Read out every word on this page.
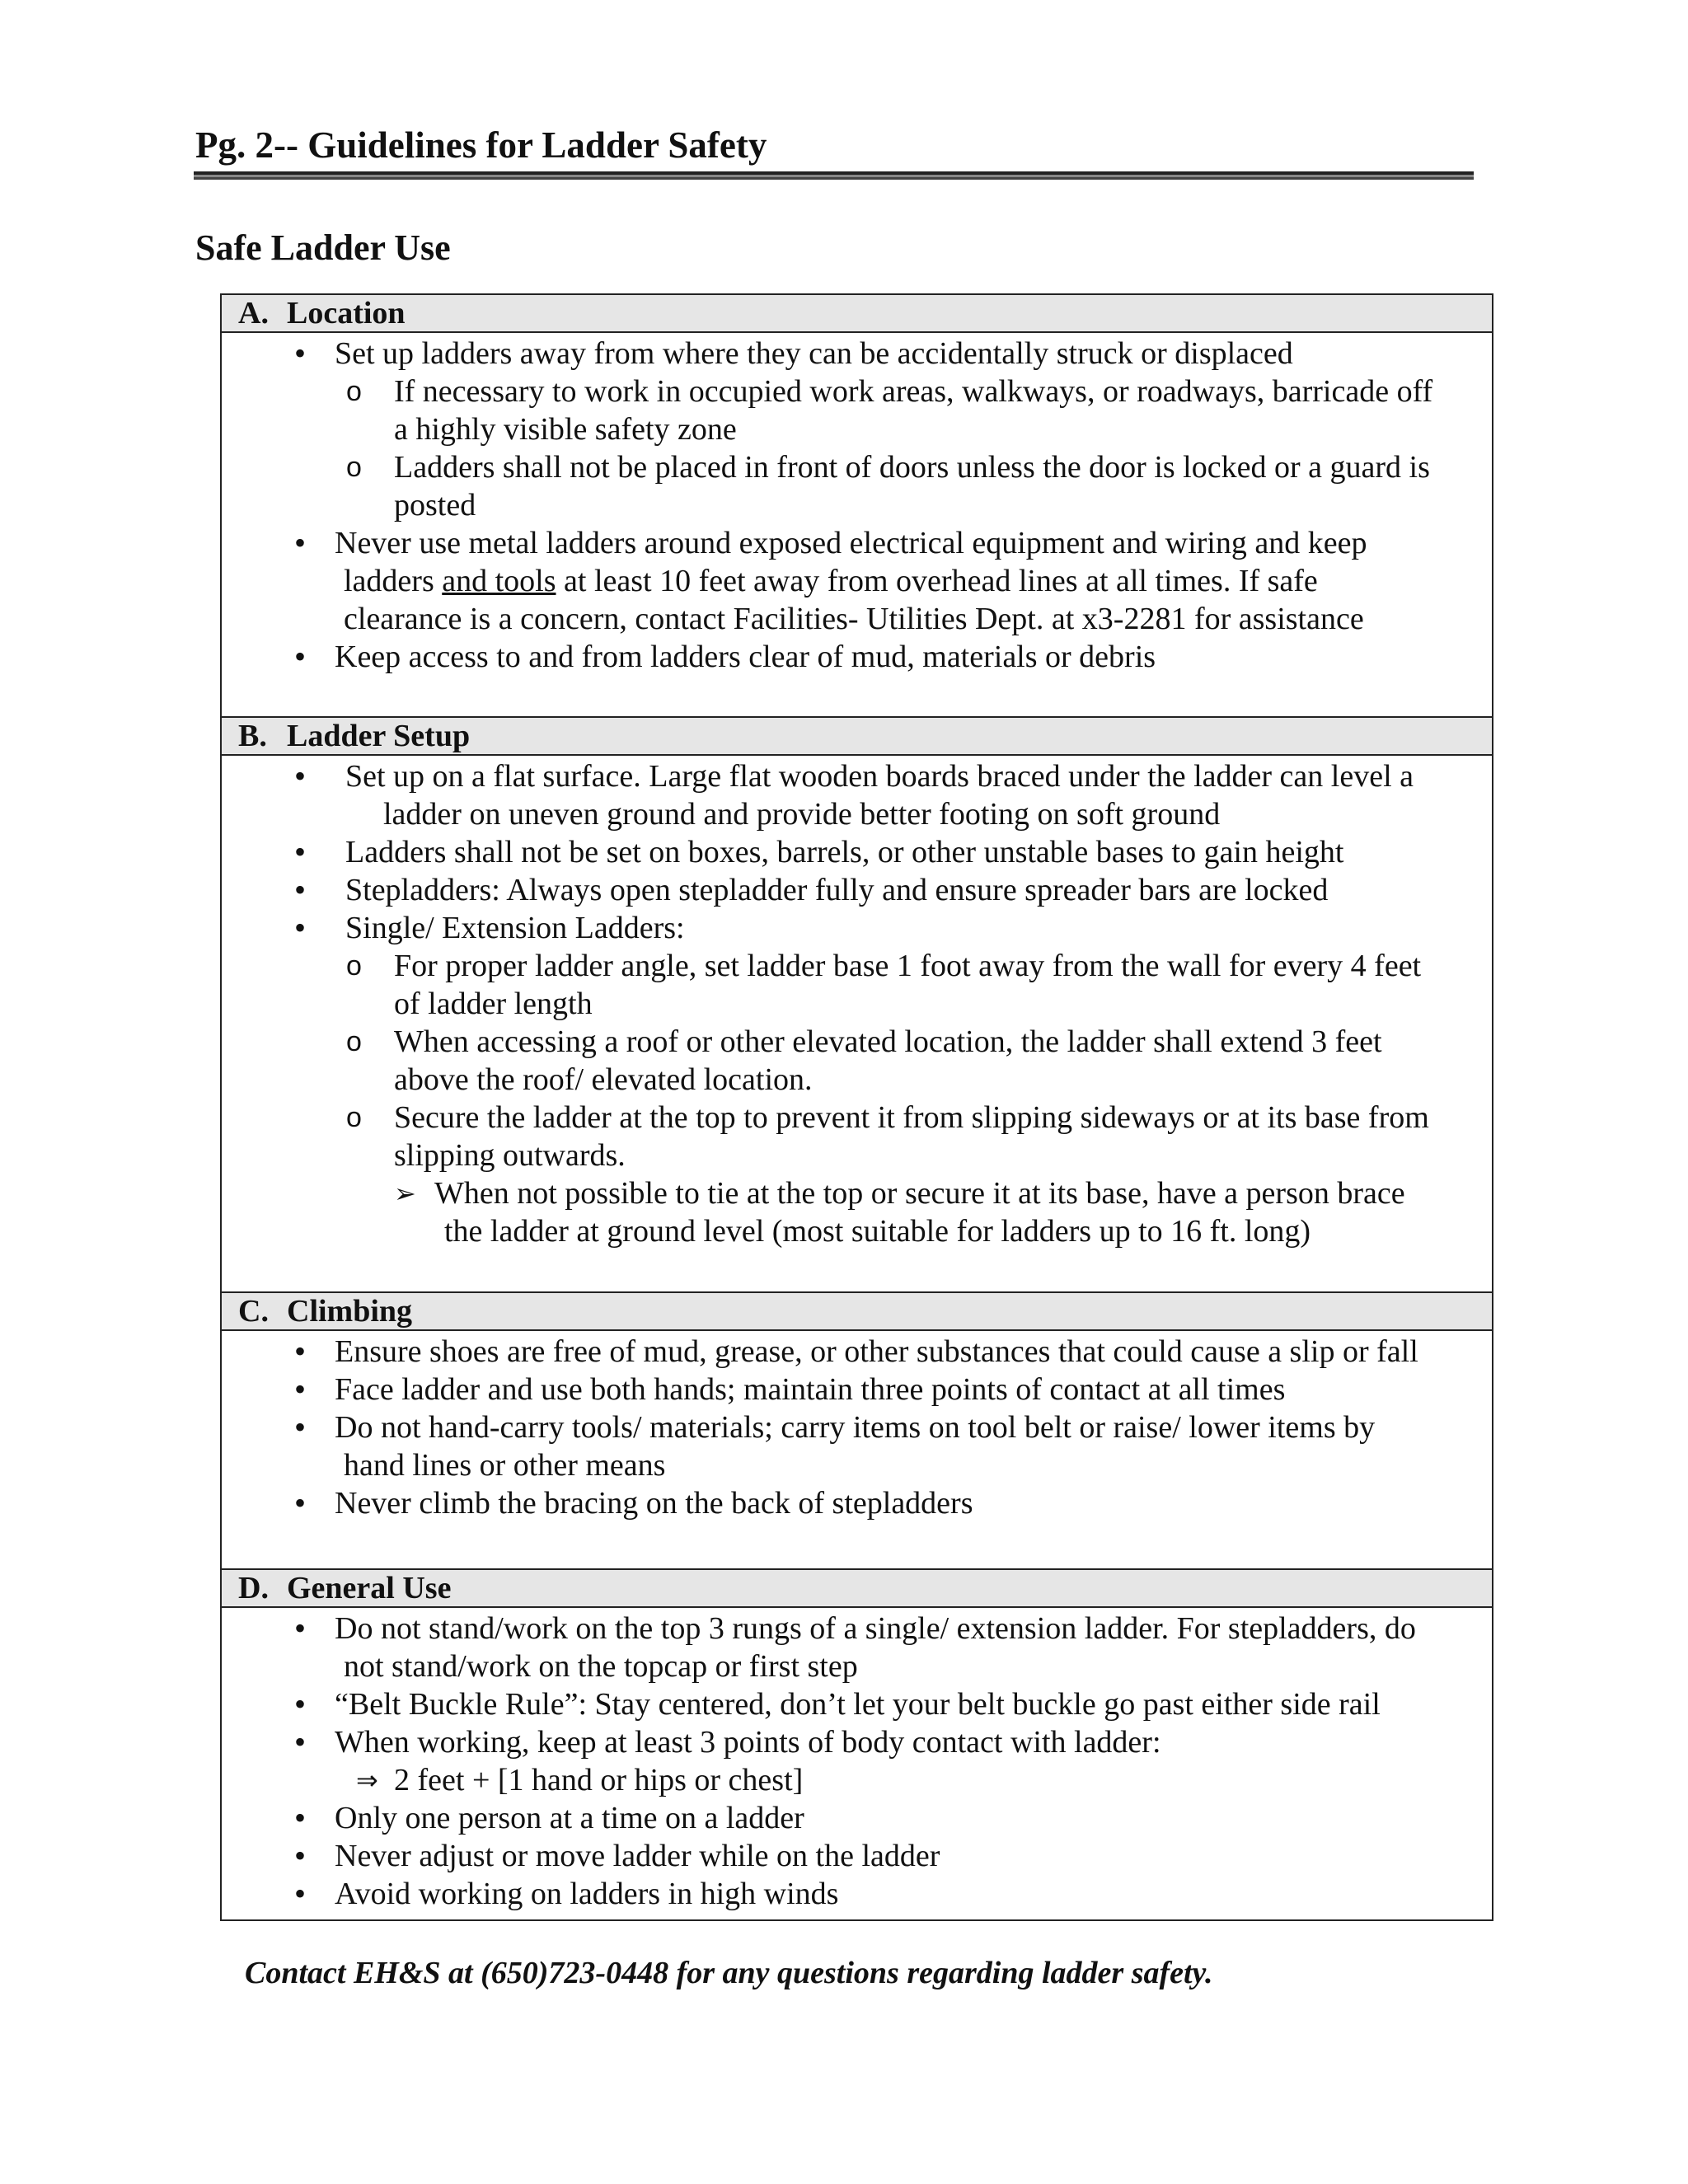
Pg. 2-- Guidelines for Ladder Safety
Safe Ladder Use
A. Location
• Set up ladders away from where they can be accidentally struck or displaced
o If necessary to work in occupied work areas, walkways, or roadways, barricade off
a highly visible safety zone
o Ladders shall not be placed in front of doors unless the door is locked or a guard is
posted
• Never use metal ladders around exposed electrical equipment and wiring and keep
ladders and tools at least 10 feet away from overhead lines at all times. If safe
clearance is a concern, contact Facilities- Utilities Dept. at x3-2281 for assistance
• Keep access to and from ladders clear of mud, materials or debris
B. Ladder Setup
• Set up on a flat surface. Large flat wooden boards braced under the ladder can level a
ladder on uneven ground and provide better footing on soft ground
• Ladders shall not be set on boxes, barrels, or other unstable bases to gain height
• Stepladders: Always open stepladder fully and ensure spreader bars are locked
• Single/ Extension Ladders:
o For proper ladder angle, set ladder base 1 foot away from the wall for every 4 feet
of ladder length
o When accessing a roof or other elevated location, the ladder shall extend 3 feet
above the roof/ elevated location.
o Secure the ladder at the top to prevent it from slipping sideways or at its base from
slipping outwards.
➢ When not possible to tie at the top or secure it at its base, have a person brace
the ladder at ground level (most suitable for ladders up to 16 ft. long)
C. Climbing
• Ensure shoes are free of mud, grease, or other substances that could cause a slip or fall
• Face ladder and use both hands; maintain three points of contact at all times
• Do not hand-carry tools/ materials; carry items on tool belt or raise/ lower items by
hand lines or other means
• Never climb the bracing on the back of stepladders
D. General Use
• Do not stand/work on the top 3 rungs of a single/ extension ladder. For stepladders, do
not stand/work on the topcap or first step
• “Belt Buckle Rule”: Stay centered, don’t let your belt buckle go past either side rail
• When working, keep at least 3 points of body contact with ladder:
⇒ 2 feet + [1 hand or hips or chest]
• Only one person at a time on a ladder
• Never adjust or move ladder while on the ladder
• Avoid working on ladders in high winds

Contact EH&S at (650)723-0448 for any questions regarding ladder safety.
